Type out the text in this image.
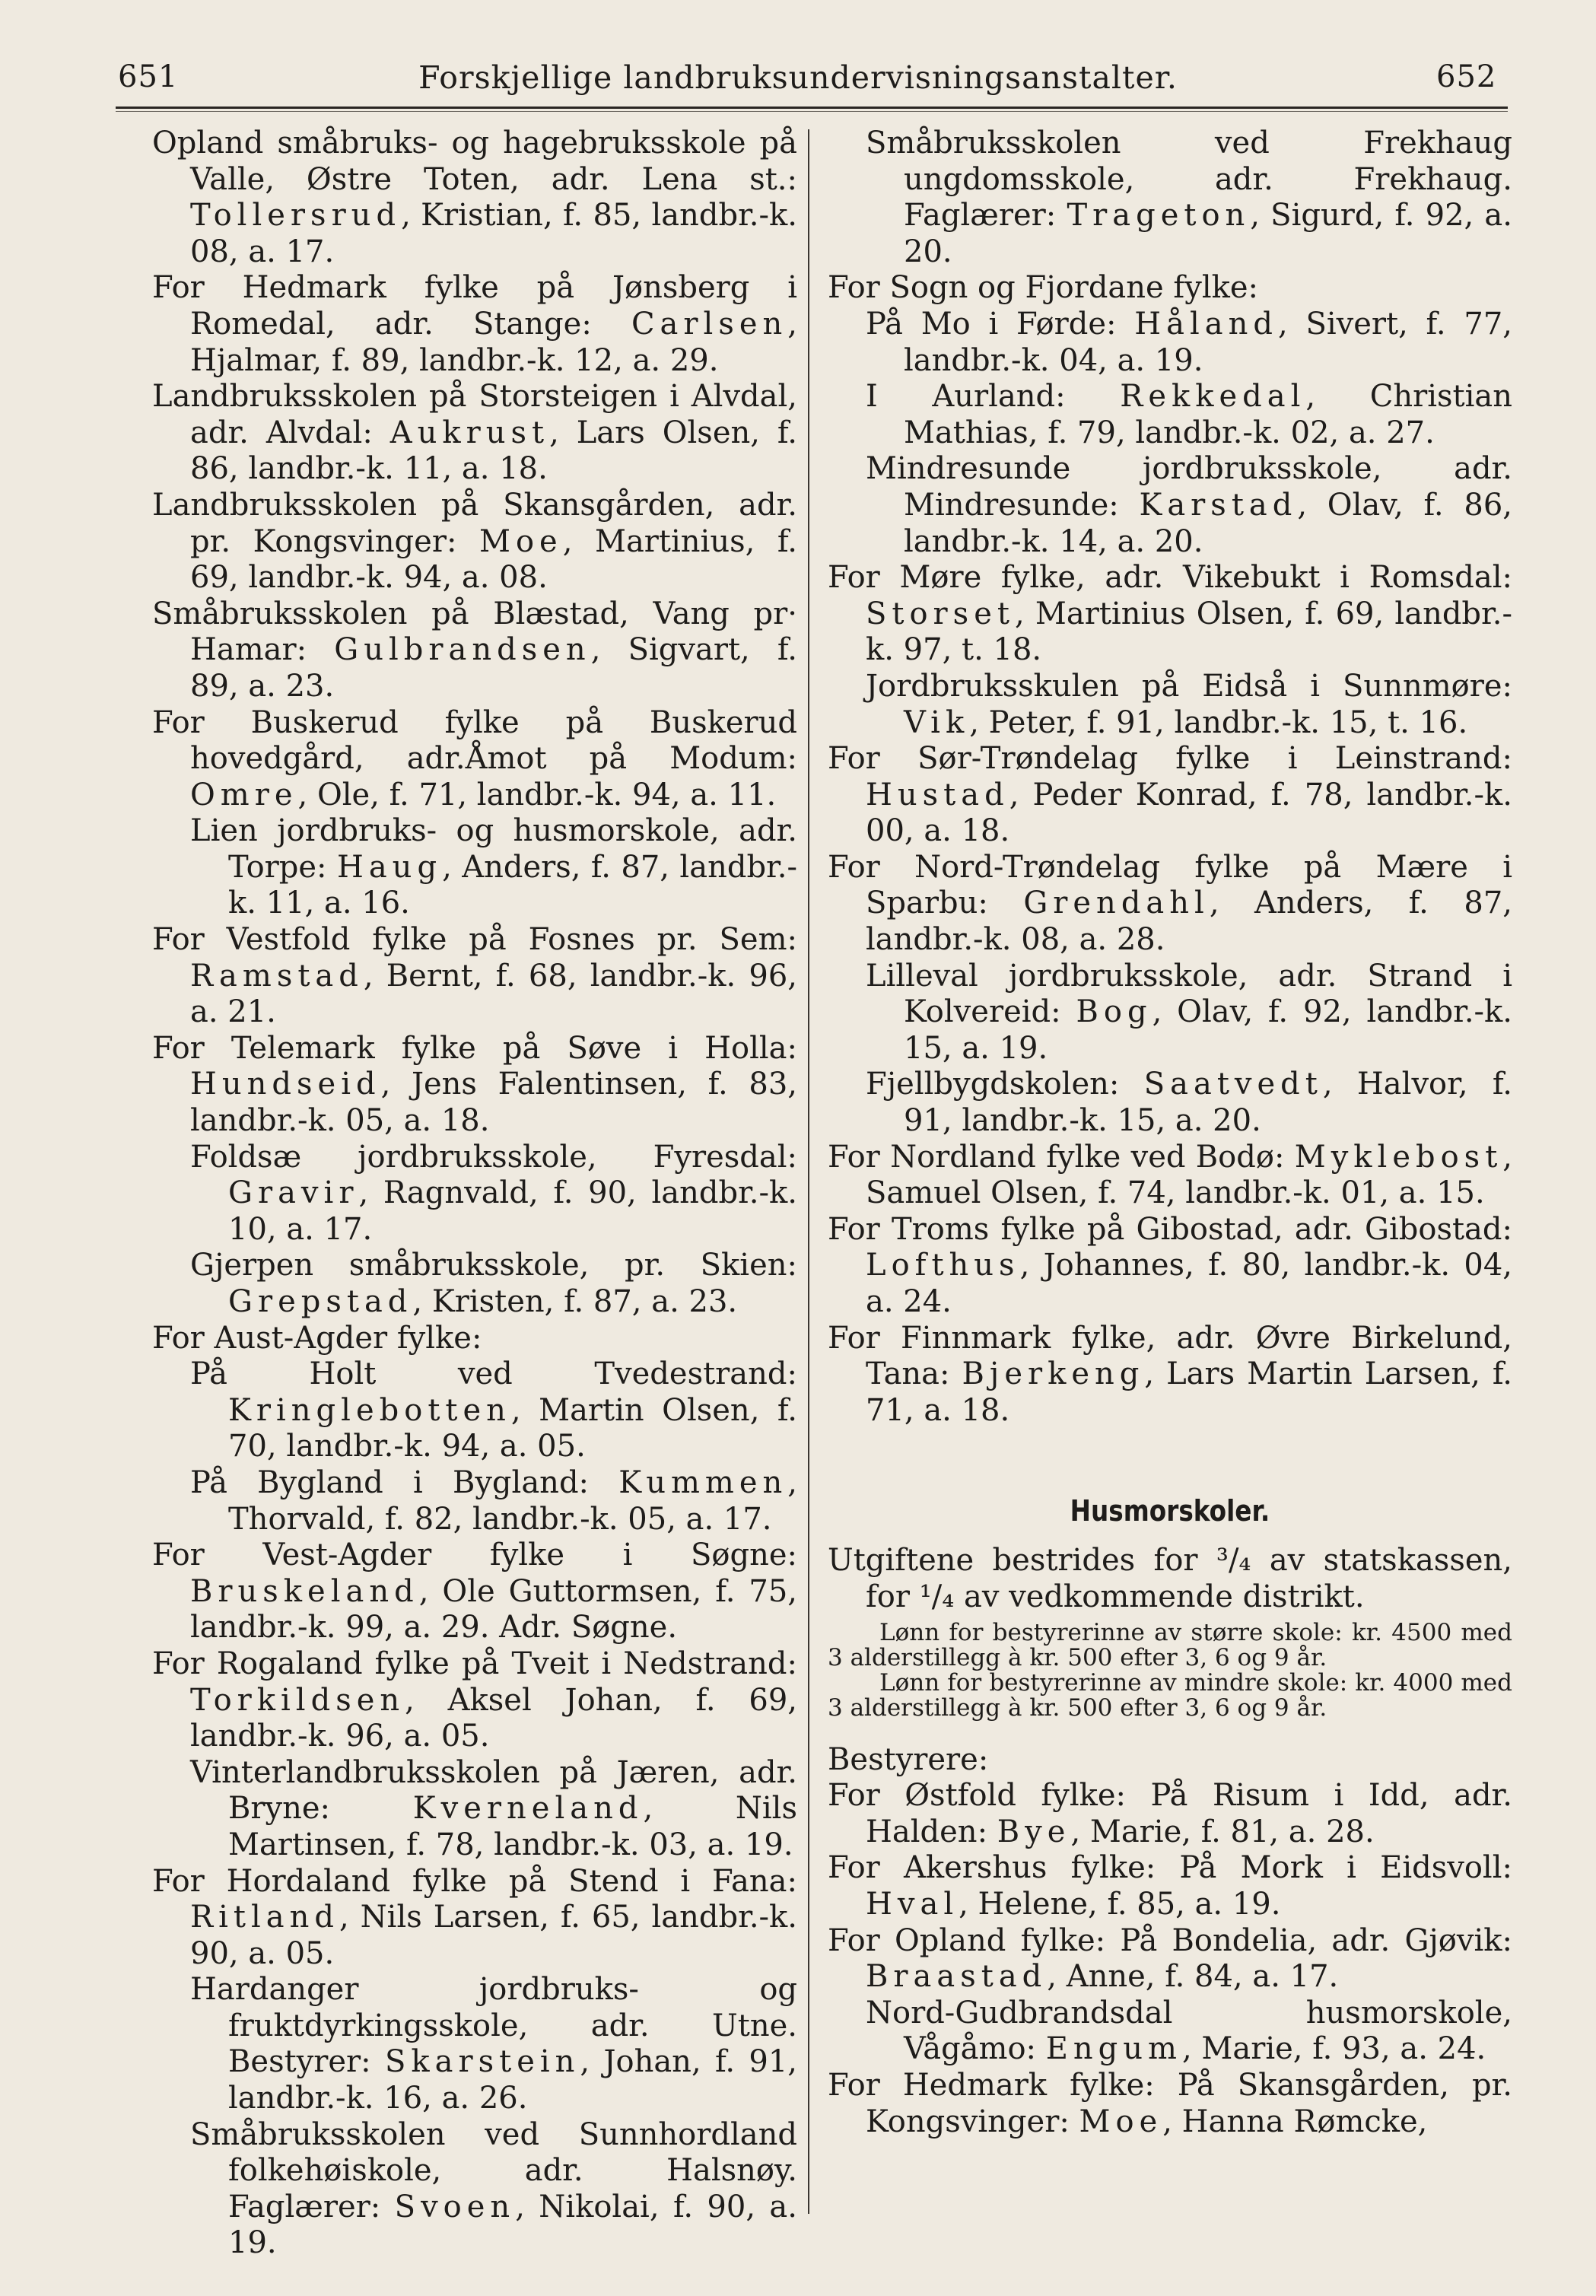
651	Forskjellige landbruksundervisningsanstalter.	652
Opland småbruks- og hagebruksskole på Valle, Østre Toten, adr. Lena st.: Tollersrud, Kristian, f. 85, landbr.-k. 08, a. 17.
For Hedmark fylke på Jønsberg i Romedal, adr. Stange: Carlsen, Hjalmar, f. 89, landbr.-k. 12, a. 29.
Landbruksskolen på Storsteigen i Alvdal, adr. Alvdal: Aukrust, Lars Olsen, f. 86, landbr.-k. 11, a. 18.
Landbruksskolen på Skansgården, adr. pr. Kongsvinger: Moe, Martinius, f. 69, landbr.-k. 94, a. 08.
Småbruksskolen på Blæstad, Vang pr· Hamar: Gulbrandsen, Sigvart, f. 89, a. 23.
For Buskerud fylke på Buskerud hovedgård, adr.Åmot på Modum: Omre, Ole, f. 71, landbr.-k. 94, a. 11.
Lien jordbruks- og husmorskole, adr. Torpe: Haug, Anders, f. 87, landbr.-k. 11, a. 16.
For Vestfold fylke på Fosnes pr. Sem: Ramstad, Bernt, f. 68, landbr.-k. 96, a. 21.
For Telemark fylke på Søve i Holla: Hundseid, Jens Falentinsen, f. 83, landbr.-k. 05, a. 18.
Foldsæ jordbruksskole, Fyresdal: Gravir, Ragnvald, f. 90, landbr.-k. 10, a. 17.
Gjerpen småbruksskole, pr. Skien: Grepstad, Kristen, f. 87, a. 23.
For Aust-Agder fylke:
På Holt ved Tvedestrand: Kringlebotten, Martin Olsen, f. 70, landbr.-k. 94, a. 05.
På Bygland i Bygland: Kummen, Thorvald, f. 82, landbr.-k. 05, a. 17.
For Vest-Agder fylke i Søgne: Bruskeland, Ole Guttormsen, f. 75, landbr.-k. 99, a. 29. Adr. Søgne.
For Rogaland fylke på Tveit i Nedstrand: Torkildsen, Aksel Johan, f. 69, landbr.-k. 96, a. 05.
Vinterlandbruksskolen på Jæren, adr. Bryne: Kverneland, Nils Martinsen, f. 78, landbr.-k. 03, a. 19.
For Hordaland fylke på Stend i Fana: Ritland, Nils Larsen, f. 65, landbr.-k. 90, a. 05.
Hardanger jordbruks- og fruktdyrkingsskole, adr. Utne. Bestyrer: Skarstein, Johan, f. 91, landbr.-k. 16, a. 26.
Småbruksskolen ved Sunnhordland folkehøiskole, adr. Halsnøy. Faglærer: Svoen, Nikolai, f. 90, a. 19.
Småbruksskolen ved Frekhaug ungdomsskole, adr. Frekhaug. Faglærer: Trageton, Sigurd, f. 92, a. 20.
For Sogn og Fjordane fylke:
På Mo i Førde: Håland, Sivert, f. 77, landbr.-k. 04, a. 19.
I Aurland: Rekkedal, Christian Mathias, f. 79, landbr.-k. 02, a. 27.
Mindresunde jordbruksskole, adr. Mindresunde: Karstad, Olav, f. 86, landbr.-k. 14, a. 20.
For Møre fylke, adr. Vikebukt i Romsdal: Storset, Martinius Olsen, f. 69, landbr.-k. 97, t. 18.
Jordbruksskulen på Eidså i Sunnmøre: Vik, Peter, f. 91, landbr.-k. 15, t. 16.
For Sør-Trøndelag fylke i Leinstrand: Hustad, Peder Konrad, f. 78, landbr.-k. 00, a. 18.
For Nord-Trøndelag fylke på Mære i Sparbu: Grendahl, Anders, f. 87, landbr.-k. 08, a. 28.
Lilleval jordbruksskole, adr. Strand i Kolvereid: Bog, Olav, f. 92, landbr.-k. 15, a. 19.
Fjellbygdskolen: Saatvedt, Halvor, f. 91, landbr.-k. 15, a. 20.
For Nordland fylke ved Bodø: Myklebost, Samuel Olsen, f. 74, landbr.-k. 01, a. 15.
For Troms fylke på Gibostad, adr. Gibostad: Lofthus, Johannes, f. 80, landbr.-k. 04, a. 24.
For Finnmark fylke, adr. Øvre Birkelund, Tana: Bjerkeng, Lars Martin Larsen, f. 71, a. 18.
Husmorskoler.
Utgiftene bestrides for ³/₄ av statskassen, for ¹/₄ av vedkommende distrikt.
Lønn for bestyrerinne av større skole: kr. 4500 med 3 alderstillegg à kr. 500 efter 3, 6 og 9 år.
Lønn for bestyrerinne av mindre skole: kr. 4000 med 3 alderstillegg à kr. 500 efter 3, 6 og 9 år.
Bestyrere:
For Østfold fylke: På Risum i Idd, adr. Halden: Bye, Marie, f. 81, a. 28.
For Akershus fylke: På Mork i Eidsvoll: Hval, Helene, f. 85, a. 19.
For Opland fylke: På Bondelia, adr. Gjøvik: Braastad, Anne, f. 84, a. 17.
Nord-Gudbrandsdal husmorskole, Vågåmo: Engum, Marie, f. 93, a. 24.
For Hedmark fylke: På Skansgården, pr. Kongsvinger: Moe, Hanna Rømcke,
